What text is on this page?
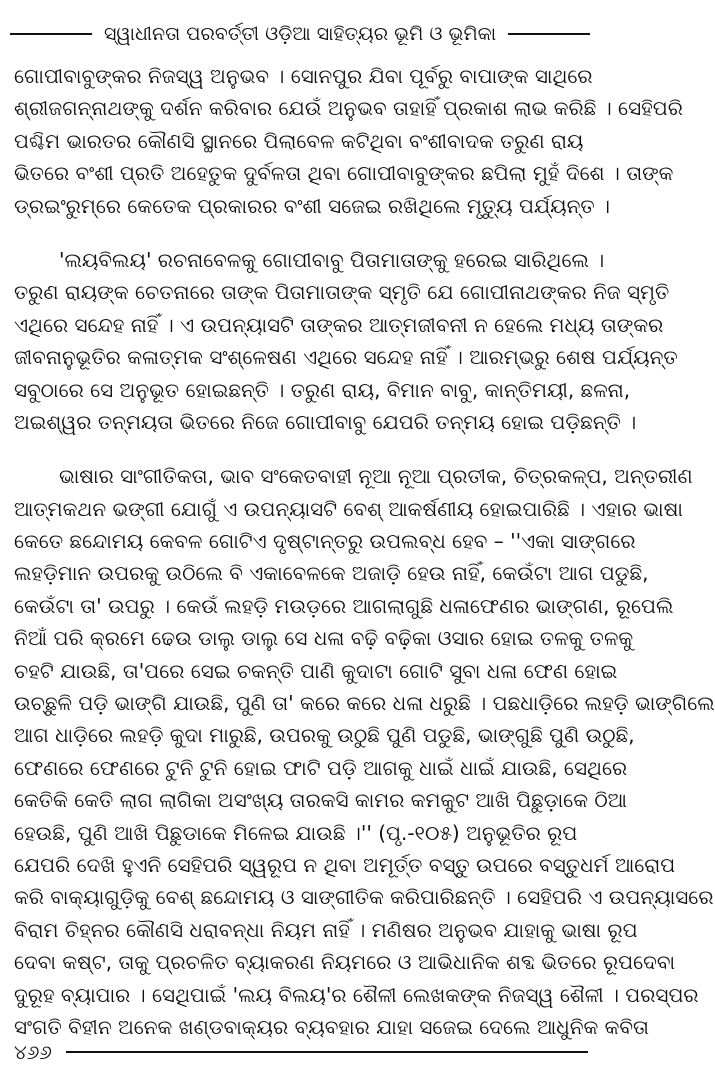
ସ୍ୱାଧୀନତା ପରବର୍ତ୍ତୀ ଓଡ଼ିଆ ସାହିତ୍ୟର ଭୂମି ଓ ଭୂମିକା
ଗୋପୀବାବୁଙ୍କର ନିଜସ୍ୱ ଅନୁଭବ । ସୋନପୁର ଯିବା ପୂର୍ବରୁ ବାପାଙ୍କ ସାଥିରେ
ଶ୍ରୀଜଗନ୍ନାଥଙ୍କୁ ଦର୍ଶନ କରିବାର ଯେଉଁ ଅନୁଭବ ତାହାହିଁ ପ୍ରକାଶ ଲାଭ କରିଛି । ସେହିପରି
ପଶ୍ଚିମ ଭାରତର କୌଣସି ସ୍ଥାନରେ ପିଲାବେଳ କଟିଥିବା ବଂଶୀବାଦକ ତରୁଣ ରାୟ
ଭିତରେ ବଂଶୀ ପ୍ରତି ଅହେତୁକ ଦୁର୍ବଳତା ଥିବା ଗୋପୀବାବୁଙ୍କର ଛପିଲା ମୁହଁ ଦିଶେ । ତାଙ୍କ
ଡ୍ରଇଂରୁମ୍‌ରେ କେତେକ ପ୍ରକାରର ବଂଶୀ ସଜେଇ ରଖିଥିଲେ ମୃତ୍ୟୁ ପର୍ଯ୍ୟନ୍ତ ।
'ଲୟବିଲୟ' ରଚନାବେଳକୁ ଗୋପୀବାବୁ ପିତାମାତାଙ୍କୁ ହରେଇ ସାରିଥିଲେ ।
ତରୁଣ ରାୟଙ୍କ ଚେତନାରେ ତାଙ୍କ ପିତାମାତାଙ୍କ ସ୍ମୃତି ଯେ ଗୋପୀନାଥଙ୍କର ନିଜ ସ୍ମୃତି
ଏଥିରେ ସନ୍ଦେହ ନାହିଁ । ଏ ଉପନ୍ୟାସଟି ତାଙ୍କର ଆତ୍ମଜୀବନୀ ନ ହେଲେ ମଧ୍ୟ ତାଙ୍କର
ଜୀବନାନୁଭୂତିର କଳାତ୍ମକ ସଂଶ୍ଳେଷଣ ଏଥିରେ ସନ୍ଦେହ ନାହିଁ । ଆରମ୍ଭରୁ ଶେଷ ପର୍ଯ୍ୟନ୍ତ
ସବୁଠାରେ ସେ ଅନୁଭୂତ ହୋଇଛନ୍ତି । ତରୁଣ ରାୟ, ବିମାନ ବାବୁ, କାନ୍ତିମୟୀ, ଛଳନା,
ଅଇଶ୍ୱର ତନ୍ମୟତା ଭିତରେ ନିଜେ ଗୋପୀବାବୁ ଯେପରି ତନ୍ମୟ ହୋଇ ପଡ଼ିଛନ୍ତି ।
ଭାଷାର ସାଂଗୀତିକତା, ଭାବ ସଂକେତବାହୀ ନୂଆ ନୂଆ ପ୍ରତୀକ, ଚିତ୍ରକଳ୍ପ, ଅନ୍ତରୀଣ
ଆତ୍ମକଥନ ଭଙ୍ଗୀ ଯୋଗୁଁ ଏ ଉପନ୍ୟାସଟି ବେଶ୍ ଆକର୍ଷଣୀୟ ହୋଇପାରିଛି । ଏହାର ଭାଷା
କେତେ ଛନ୍ଦୋମୟ କେବଳ ଗୋଟିଏ ଦୃଷ୍ଟାନ୍ତରୁ ଉପଲବ୍ଧ ହେବ – ''ଏକା ସାଙ୍ଗରେ
ଲହଡ଼ିମାନ ଉପରକୁ ଉଠିଲେ ବି ଏକାବେଳକେ ଅଜାଡ଼ି ହେଉ ନାହିଁ, କେଉଁଟା ଆଗ ପଡୁଛି,
କେଉଁଟା ତା' ଉପରୁ । କେଉଁ ଲହଡ଼ି ମଉଡ଼ରେ ଆଗଲାଗୁଛି ଧଳାଫେଣର ଭାଙ୍ଗଣ, ରୂପେଲି
ନିଆଁ ପରି କ୍ରମେ ଢେଉ ଡାଲୁ ଡାଲୁ ସେ ଧଳା ବଢ଼ି ବଢ଼ିକା ଓସାର ହୋଇ ତଳକୁ ତଳକୁ
ଚହଟି ଯାଉଛି, ତା'ପରେ ସେଇ ଚକନ୍ତି ପାଣି କୁଦାଟା ଗୋଟି ସୁବା ଧଳା ଫେଣ ହୋଇ
ଉଚ୍ଛୁଳି ପଡ଼ି ଭାଙ୍ଗି ଯାଉଛି, ପୁଣି ତା' କରେ କରେ ଧଳା ଧରୁଛି । ପଛଧାଡ଼ିରେ ଲହଡ଼ି ଭାଙ୍ଗିଲେ
ଆଗ ଧାଡ଼ିରେ ଲହଡ଼ି କୁଦା ମାରୁଛି, ଉପରକୁ ଉଠୁଛି ପୁଣି ପଡୁଛି, ଭାଙ୍ଗୁଛି ପୁଣି ଉଠୁଛି,
ଫେଣରେ ଫେଣରେ ଟୁନି ଟୁନି ହୋଇ ଫାଟି ପଡ଼ି ଆଗକୁ ଧାଇଁ ଧାଇଁ ଯାଉଛି, ସେଥିରେ
କେତିକି କେତି ଲାଗ ଲାଗିକା ଅସଂଖ୍ୟ ତାରକସି କାମର କମକୁଟ ଆଖି ପିଛୁଡ଼ାକେ ଠିଆ
ହେଉଛି, ପୁଣି ଆଖି ପିଛୁଡାକେ ମିଳେଇ ଯାଉଛି ।'' (ପୃ.-୧୦୫) ଅନୁଭୂତିର ରୂପ
ଯେପରି ଦେଖି ହୁଏନି ସେହିପରି ସ୍ୱରୂପ ନ ଥିବା ଅମୂର୍ତ୍ତ ବସ୍ତୁ ଉପରେ ବସ୍ତୁଧର୍ମ ଆରୋପ
କରି ବାକ୍ୟାଗୁଡ଼ିକୁ ବେଶ୍ ଛନ୍ଦୋମୟ ଓ ସାଙ୍ଗୀତିକ କରିପାରିଛନ୍ତି । ସେହିପରି ଏ ଉପନ୍ୟାସରେ
ବିରାମ ଚିହ୍ନର କୌଣସି ଧରାବନ୍ଧା ନିୟମ ନାହିଁ । ମଣିଷର ଅନୁଭବ ଯାହାକୁ ଭାଷା ରୂପ
ଦେବା କଷ୍ଟ, ତାକୁ ପ୍ରଚଳିତ ବ୍ୟାକରଣ ନିୟମରେ ଓ ଆଭିଧାନିକ ଶବ୍ଦ ଭିତରେ ରୂପଦେବା
ଦୁରୂହ ବ୍ୟାପାର । ସେଥିପାଇଁ 'ଲୟ ବିଲୟ'ର ଶୈଳୀ ଲେଖକଙ୍କ ନିଜସ୍ୱ ଶୈଳୀ । ପରସ୍ପର
ସଂଗତି ବିହୀନ ଅନେକ ଖଣ୍ଡବାକ୍ୟର ବ୍ୟବହାର ଯାହା ସଜେଇ ଦେଲେ ଆଧୁନିକ କବିତା
୪୬୬
